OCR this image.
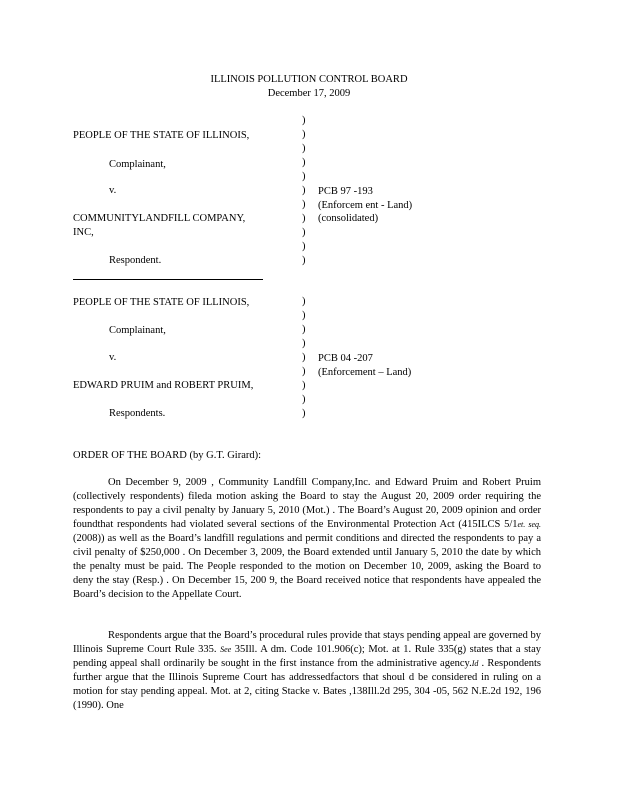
ILLINOIS POLLUTION CONTROL BOARD
December 17, 2009
PEOPLE OF THE STATE OF ILLINOIS,
Complainant,
v.
COMMUNITYLANDFILL COMPANY,
INC,
Respondent.
PCB 97 -193
(Enforcem ent - Land)
(consolidated)
)
)
)
)
)
)
)
)
)
)
)
PEOPLE OF THE STATE OF ILLINOIS,
Complainant,
v.
EDWARD PRUIM and ROBERT PRUIM,
Respondents.
PCB 04 -207
(Enforcement – Land)
)
)
)
)
)
)
)
)
)
ORDER OF THE BOARD (by G.T. Girard):

On December 9, 2009 , Community Landfill Company,Inc. and Edward Pruim and Robert Pruim (collectively respondents) fileda motion asking the Board to stay the August 20, 2009 order requiring the respondents to pay a civil penalty by January 5, 2010 (Mot.) . The Board’s August 20, 2009 opinion and order foundthat respondents had violated several sections of the Environmental Protection Act (415ILCS 5/1et. seq. (2008)) as well as the Board’s landfill regulations and permit conditions and directed the respondents to pay a civil penalty of $250,000 . On December 3, 2009, the Board extended until January 5, 2010 the date by which the penalty must be paid. The People responded to the motion on December 10, 2009, asking the Board to deny the stay (Resp.) . On December 15, 200 9, the Board received notice that respondents have appealed the Board’s decision to the Appellate Court.

Respondents argue that the Board’s procedural rules provide that stays pending appeal are governed by Illinois Supreme Court Rule 335. See 35Ill. A dm. Code 101.906(c); Mot. at 1. Rule 335(g) states that a stay pending appeal shall ordinarily be sought in the first instance from the administrative agency.Id . Respondents further argue that the Illinois Supreme Court has addressedfactors that shoul d be considered in ruling on a motion for stay pending appeal. Mot. at 2, citing Stacke v. Bates ,138Ill.2d 295, 304 -05, 562 N.E.2d 192, 196 (1990). One
